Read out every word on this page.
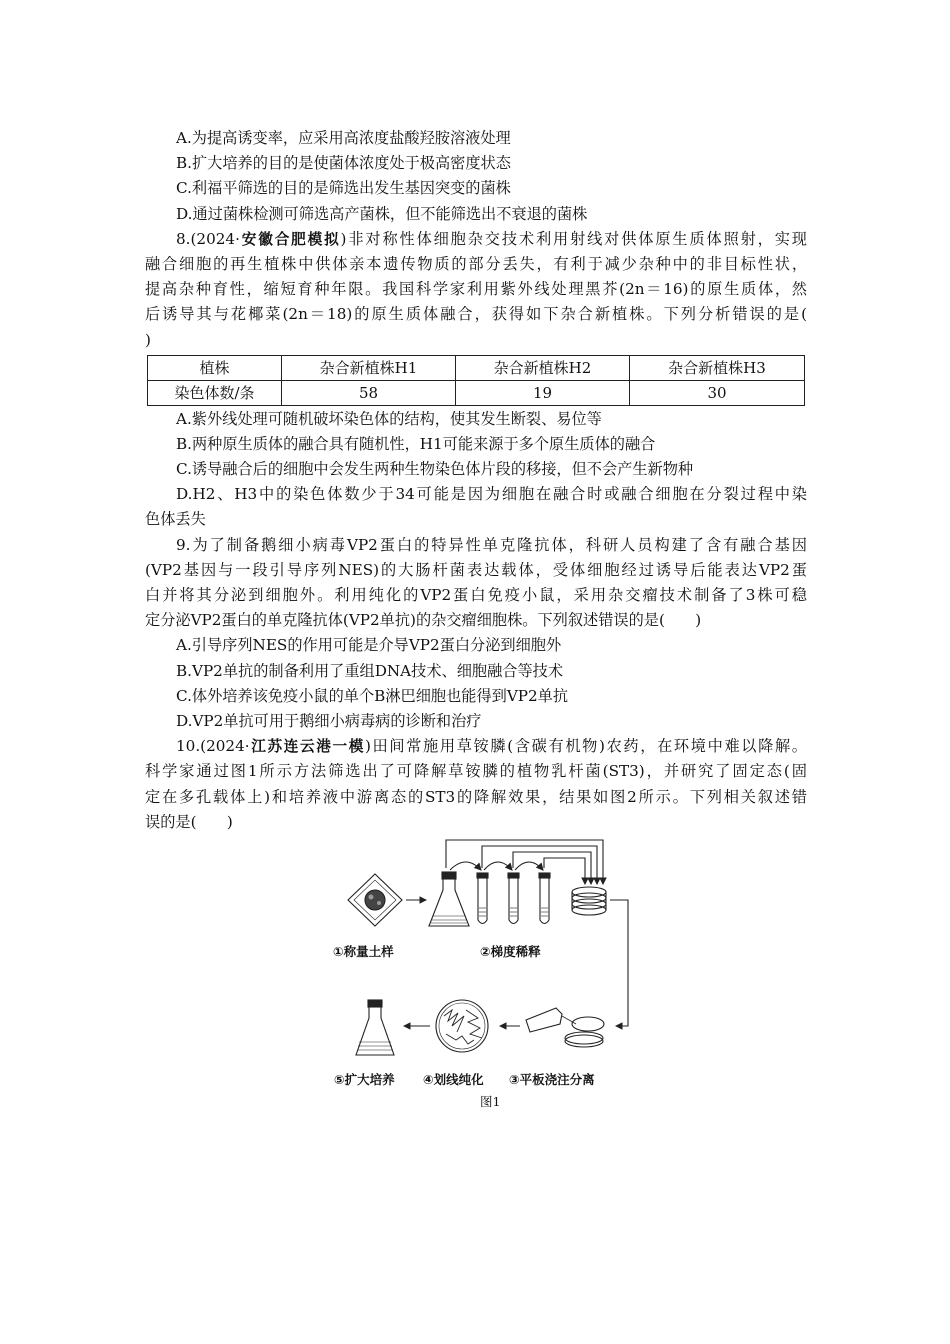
A.为提高诱变率，应采用高浓度盐酸羟胺溶液处理
B.扩大培养的目的是使菌体浓度处于极高密度状态
C.利福平筛选的目的是筛选出发生基因突变的菌株
D.通过菌株检测可筛选高产菌株，但不能筛选出不衰退的菌株
8.(2024·安徽合肥模拟)非对称性体细胞杂交技术利用射线对供体原生质体照射，实现
融合细胞的再生植株中供体亲本遗传物质的部分丢失，有利于减少杂种中的非目标性状，
提高杂种育性，缩短育种年限。我国科学家利用紫外线处理黑芥(2n＝16)的原生质体，然
后诱导其与花椰菜(2n＝18)的原生质体融合，获得如下杂合新植株。下列分析错误的是(
)
植株	杂合新植株H1	杂合新植株H2	杂合新植株H3
染色体数/条	58	19	30
A.紫外线处理可随机破坏染色体的结构，使其发生断裂、易位等
B.两种原生质体的融合具有随机性，H1可能来源于多个原生质体的融合
C.诱导融合后的细胞中会发生两种生物染色体片段的移接，但不会产生新物种
D.H2、H3中的染色体数少于34可能是因为细胞在融合时或融合细胞在分裂过程中染
色体丢失
9.为了制备鹅细小病毒VP2蛋白的特异性单克隆抗体，科研人员构建了含有融合基因
(VP2基因与一段引导序列NES)的大肠杆菌表达载体，受体细胞经过诱导后能表达VP2蛋
白并将其分泌到细胞外。利用纯化的VP2蛋白免疫小鼠，采用杂交瘤技术制备了3株可稳
定分泌VP2蛋白的单克隆抗体(VP2单抗)的杂交瘤细胞株。下列叙述错误的是(　　)
A.引导序列NES的作用可能是介导VP2蛋白分泌到细胞外
B.VP2单抗的制备利用了重组DNA技术、细胞融合等技术
C.体外培养该免疫小鼠的单个B淋巴细胞也能得到VP2单抗
D.VP2单抗可用于鹅细小病毒病的诊断和治疗
10.(2024·江苏连云港一模)田间常施用草铵膦(含碳有机物)农药，在环境中难以降解。
科学家通过图1所示方法筛选出了可降解草铵膦的植物乳杆菌(ST3)，并研究了固定态(固
定在多孔载体上)和培养液中游离态的ST3的降解效果，结果如图2所示。下列相关叙述错
误的是(　　)
①称量土样	②梯度稀释
⑤扩大培养 ④划线纯化 ③平板浇注分离
图1
